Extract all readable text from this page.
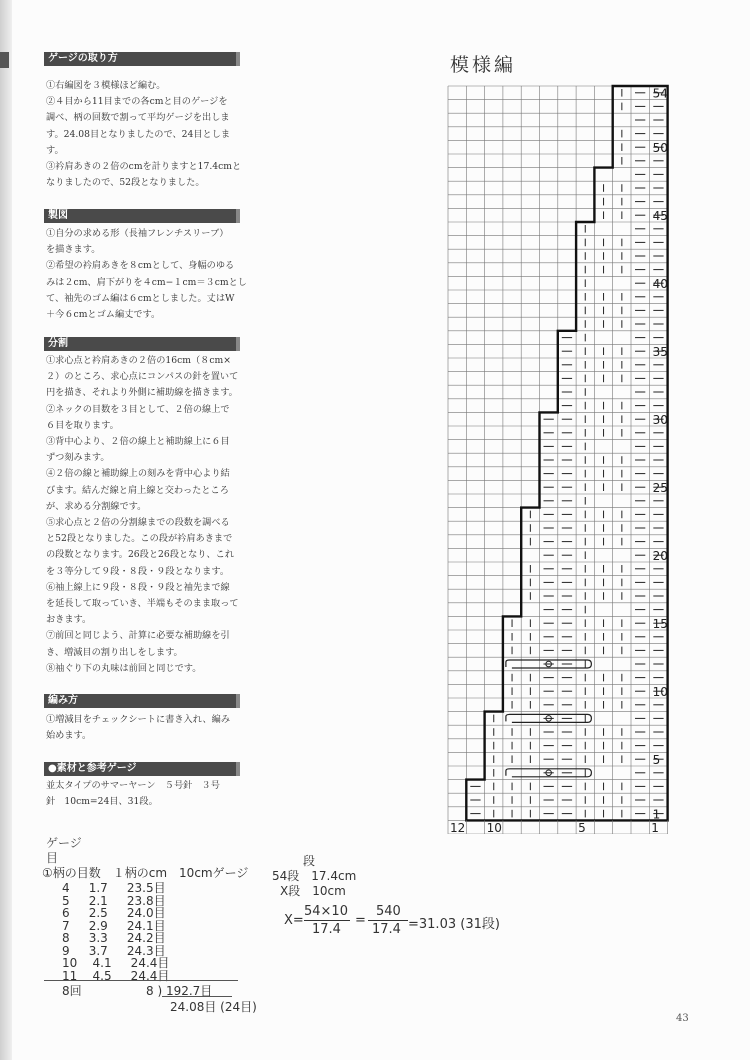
ゲージの取り方
①右編図を３模様ほど編む。
②４目から11目までの各cmと目のゲージを
調べ、柄の回数で割って平均ゲージを出しま
す。24.08目となりましたので、24目としま
す。
③衿肩あきの２倍のcmを計りますと17.4cmと
なりましたので、52段となりました。
製図
①自分の求める形（長袖フレンチスリーブ）
を描きます。
②希望の衿肩あきを８cmとして、身幅のゆる
みは２cm、肩下がりを４cm−１cm＝３cmとし
て、袖先のゴム編は６cmとしました。丈はW
＋今６cmとゴム編丈です。
分割
①求心点と衿肩あきの２倍の16cm（８cm×
２）のところ、求心点にコンパスの針を置いて
円を描き、それより外側に補助線を描きます。
②ネックの目数を３目として、２倍の線上で
６目を取ります。
③背中心より、２倍の線上と補助線上に６目
ずつ刻みます。
④２倍の線と補助線上の刻みを背中心より結
びます。結んだ線と肩上線と交わったところ
が、求める分割線です。
⑤求心点と２倍の分割線までの段数を調べる
と52段となりました。この段が衿肩あきまで
の段数となります。26段と26段となり、これ
を３等分して９段・８段・９段となります。
⑥袖上線上に９段・８段・９段と袖先まで線
を延長して取っていき、半端もそのまま取って
おきます。
⑦前回と同じよう、計算に必要な補助線を引
き、増減目の割り出しをします。
⑧袖ぐり下の丸味は前回と同じです。
編み方
①増減目をチェックシートに書き入れ、編み
始めます。
●素材と参考ゲージ
並太タイプのサマーヤーン　５号針　３号
針　10cm=24目、31段。
模様編
54
50
45
40
35
30
25
20
15
10
5
1
12 10	5	1
ゲージ
目
①柄の目数　１柄のcm　10cmゲージ
4     1.7     23.5目
5     2.1     23.8目
6     2.5     24.0目
7     2.9     24.1目
8     3.3     24.2目
9     3.7     24.3目
10    4.1     24.4目
11    4.5     24.4目
8回	8 ) 192.7目
24.08目 (24目)
段
54段　17.4cm
X段　10cm
X=
54×10
17.4
=
540
17.4 =31.03 (31段)
43
